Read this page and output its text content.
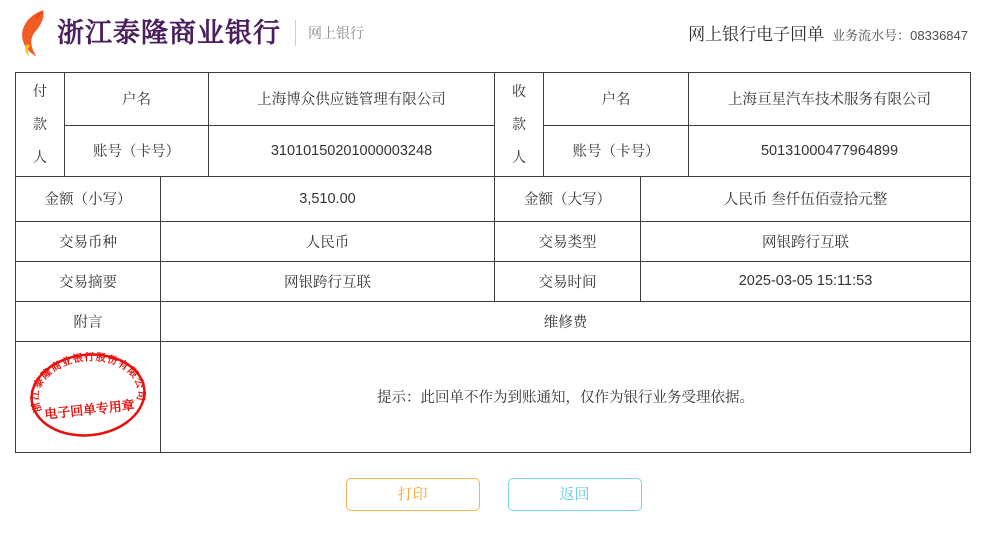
浙江泰隆商业银行 网上银行	网上银行电子回单 业务流水号：08336847
付款人	户名		上海博众供应链管理有限公司	收款人	户名		上海亘星汽车技术服务有限公司
	账号（卡号）		31010150201000003248		账号（卡号）		50131000477964899
金额（小写）		3,510.00		金额（大写）		人民币 叁仟伍佰壹拾元整	
交易币种		人民币		交易类型		网银跨行互联	
交易摘要		网银跨行互联		交易时间		2025-03-05 15:11:53	
附言		维修费					

浙江泰隆商业银行股份有限公司
电子回单专用章		提示：此回单不作为到账通知，仅作为银行业务受理依据。					
打印	返回
